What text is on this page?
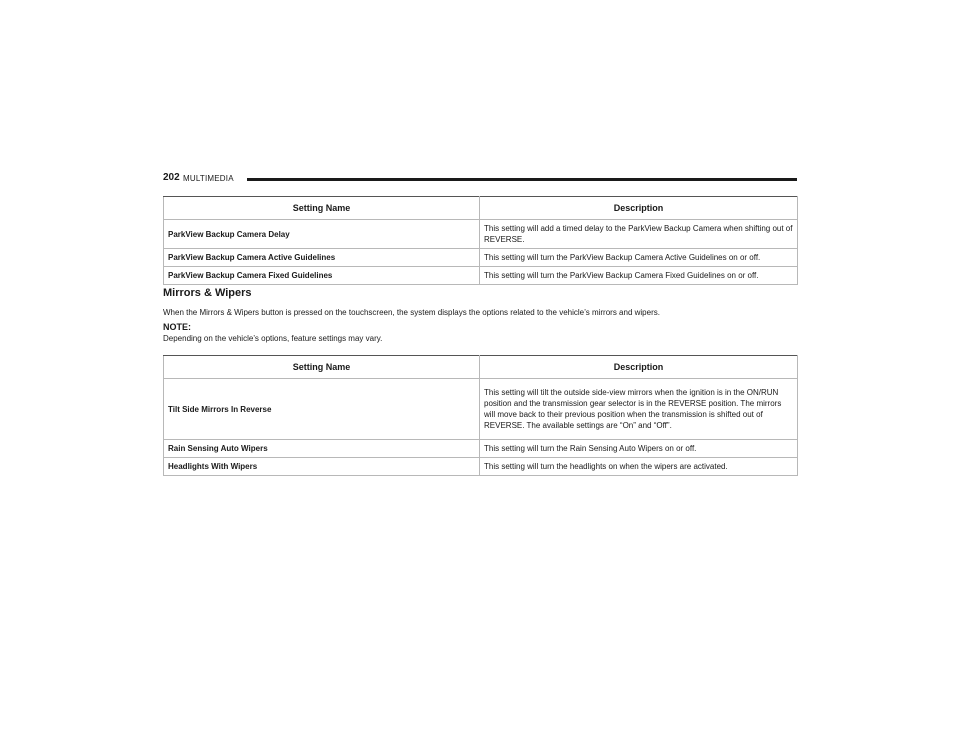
202 MULTIMEDIA
Setting Name	Description
ParkView Backup Camera Delay	This setting will add a timed delay to the ParkView Backup Camera when shifting out of REVERSE.
ParkView Backup Camera Active Guidelines	This setting will turn the ParkView Backup Camera Active Guidelines on or off.
ParkView Backup Camera Fixed Guidelines	This setting will turn the ParkView Backup Camera Fixed Guidelines on or off.
Mirrors & Wipers
When the Mirrors & Wipers button is pressed on the touchscreen, the system displays the options related to the vehicle’s mirrors and wipers.
NOTE:
Depending on the vehicle’s options, feature settings may vary.
Setting Name	Description
Tilt Side Mirrors In Reverse	This setting will tilt the outside side-view mirrors when the ignition is in the ON/RUN position and the transmission gear selector is in the REVERSE position. The mirrors will move back to their previous position when the transmission is shifted out of REVERSE. The available settings are “On” and “Off”.
Rain Sensing Auto Wipers	This setting will turn the Rain Sensing Auto Wipers on or off.
Headlights With Wipers	This setting will turn the headlights on when the wipers are activated.
